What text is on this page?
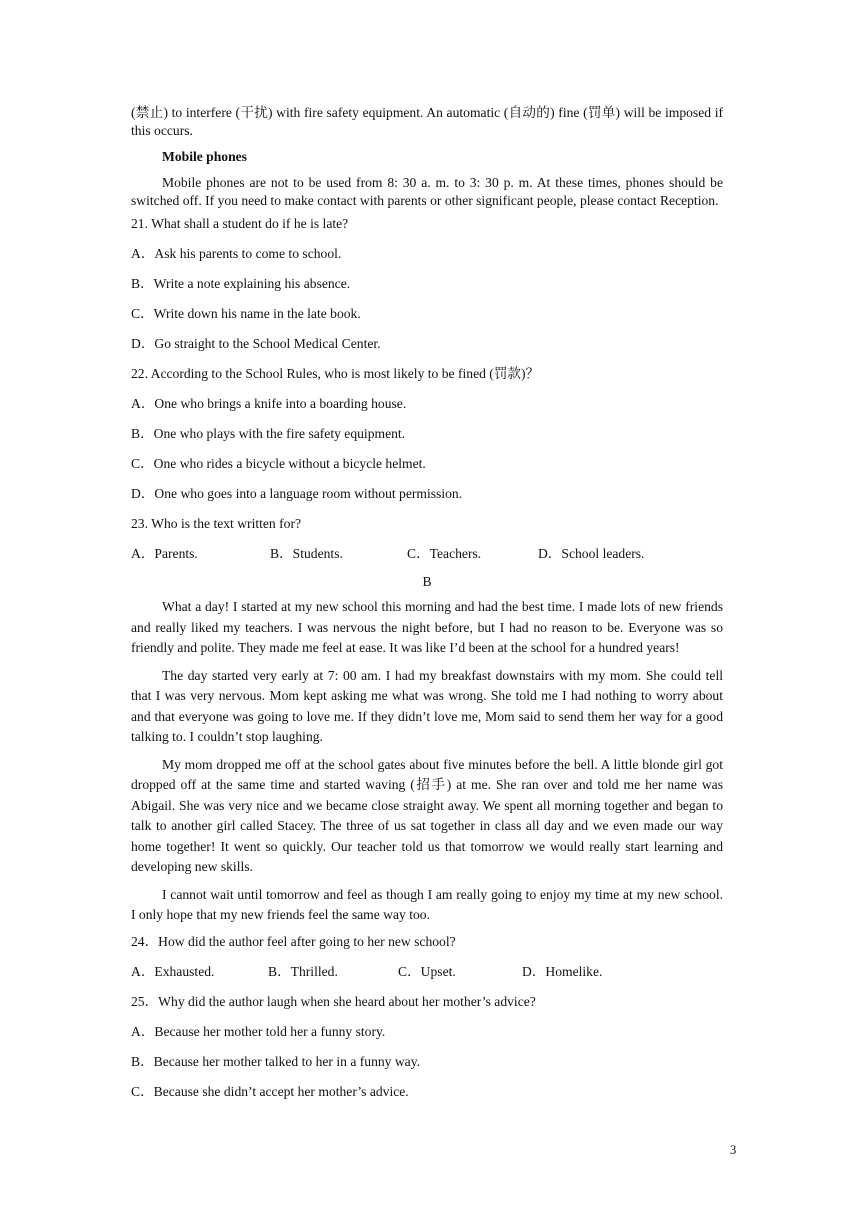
(禁止) to interfere (干扰) with fire safety equipment. An automatic (自动的) fine (罚单) will be imposed if this occurs.

Mobile phones

Mobile phones are not to be used from 8: 30 a. m. to 3: 30 p. m. At these times, phones should be switched off. If you need to make contact with parents or other significant people, please contact Reception.

21. What shall a student do if he is late?

A．Ask his parents to come to school.

B．Write a note explaining his absence.

C．Write down his name in the late book.

D．Go straight to the School Medical Center.

22. According to the School Rules, who is most likely to be fined (罚款)？

A．One who brings a knife into a boarding house.

B．One who plays with the fire safety equipment.

C．One who rides a bicycle without a bicycle helmet.

D．One who goes into a language room without permission.

23. Who is the text written for?

A．Parents.	B．Students.	C．Teachers.	D．School leaders.

B

What a day! I started at my new school this morning and had the best time. I made lots of new friends and really liked my teachers. I was nervous the night before, but I had no reason to be. Everyone was so friendly and polite. They made me feel at ease. It was like I’d been at the school for a hundred years!

The day started very early at 7: 00 am. I had my breakfast downstairs with my mom. She could tell that I was very nervous. Mom kept asking me what was wrong. She told me I had nothing to worry about and that everyone was going to love me. If they didn’t love me, Mom said to send them her way for a good talking to. I couldn’t stop laughing.

My mom dropped me off at the school gates about five minutes before the bell. A little blonde girl got dropped off at the same time and started waving (招手) at me. She ran over and told me her name was Abigail. She was very nice and we became close straight away. We spent all morning together and began to talk to another girl called Stacey. The three of us sat together in class all day and we even made our way home together! It went so quickly. Our teacher told us that tomorrow we would really start learning and developing new skills.

I cannot wait until tomorrow and feel as though I am really going to enjoy my time at my new school. I only hope that my new friends feel the same way too.

24．How did the author feel after going to her new school?

A．Exhausted.	B．Thrilled.	C．Upset.	D．Homelike.

25．Why did the author laugh when she heard about her mother’s advice?

A．Because her mother told her a funny story.

B．Because her mother talked to her in a funny way.

C．Because she didn’t accept her mother’s advice.

3
